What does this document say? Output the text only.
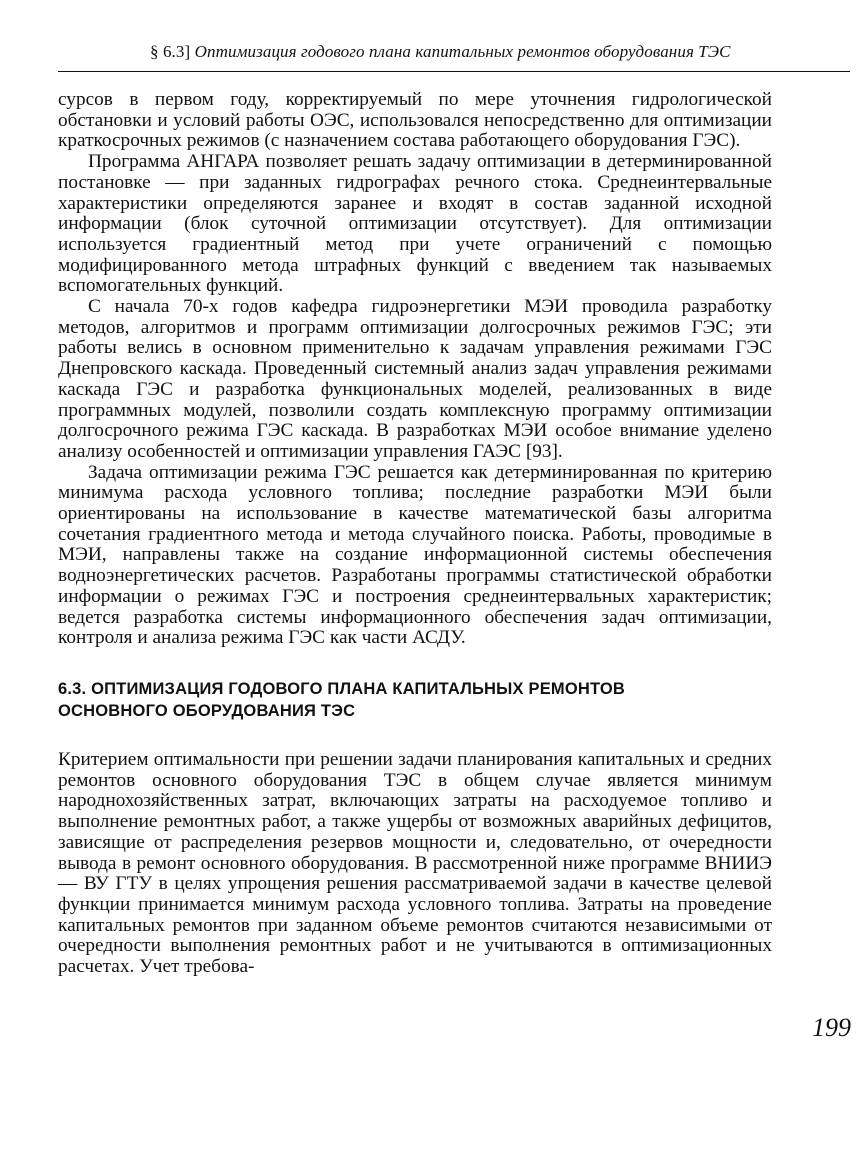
§ 6.3] Оптимизация годового плана капитальных ремонтов оборудования ТЭС

сурсов в первом году, корректируемый по мере уточнения гидрологической обстановки и условий работы ОЭС, использовался непосредственно для оптимизации краткосрочных режимов (с назначением состава работающего оборудования ГЭС).

Программа АНГАРА позволяет решать задачу оптимизации в детерминированной постановке — при заданных гидрографах речного стока. Среднеинтервальные характеристики определяются заранее и входят в состав заданной исходной информации (блок суточной оптимизации отсутствует). Для оптимизации используется градиентный метод при учете ограничений с помощью модифицированного метода штрафных функций с введением так называемых вспомогательных функций.

С начала 70-х годов кафедра гидроэнергетики МЭИ проводила разработку методов, алгоритмов и программ оптимизации долгосрочных режимов ГЭС; эти работы велись в основном применительно к задачам управления режимами ГЭС Днепровского каскада. Проведенный системный анализ задач управления режимами каскада ГЭС и разработка функциональных моделей, реализованных в виде программных модулей, позволили создать комплексную программу оптимизации долгосрочного режима ГЭС каскада. В разработках МЭИ особое внимание уделено анализу особенностей и оптимизации управления ГАЭС [93].

Задача оптимизации режима ГЭС решается как детерминированная по критерию минимума расхода условного топлива; последние разработки МЭИ были ориентированы на использование в качестве математической базы алгоритма сочетания градиентного метода и метода случайного поиска. Работы, проводимые в МЭИ, направлены также на создание информационной системы обеспечения водноэнергетических расчетов. Разработаны программы статистической обработки информации о режимах ГЭС и построения среднеинтервальных характеристик; ведется разработка системы информационного обеспечения задач оптимизации, контроля и анализа режима ГЭС как части АСДУ.

6.3. ОПТИМИЗАЦИЯ ГОДОВОГО ПЛАНА КАПИТАЛЬНЫХ РЕМОНТОВ
ОСНОВНОГО ОБОРУДОВАНИЯ ТЭС

Критерием оптимальности при решении задачи планирования капитальных и средних ремонтов основного оборудования ТЭС в общем случае является минимум народнохозяйственных затрат, включающих затраты на расходуемое топливо и выполнение ремонтных работ, а также ущербы от возможных аварийных дефицитов, зависящие от распределения резервов мощности и, следовательно, от очередности вывода в ремонт основного оборудования. В рассмотренной ниже программе ВНИИЭ — ВУ ГТУ в целях упрощения решения рассматриваемой задачи в качестве целевой функции принимается минимум расхода условного топлива. Затраты на проведение капитальных ремонтов при заданном объеме ремонтов считаются независимыми от очередности выполнения ремонтных работ и не учитываются в оптимизационных расчетах. Учет требова-

199
